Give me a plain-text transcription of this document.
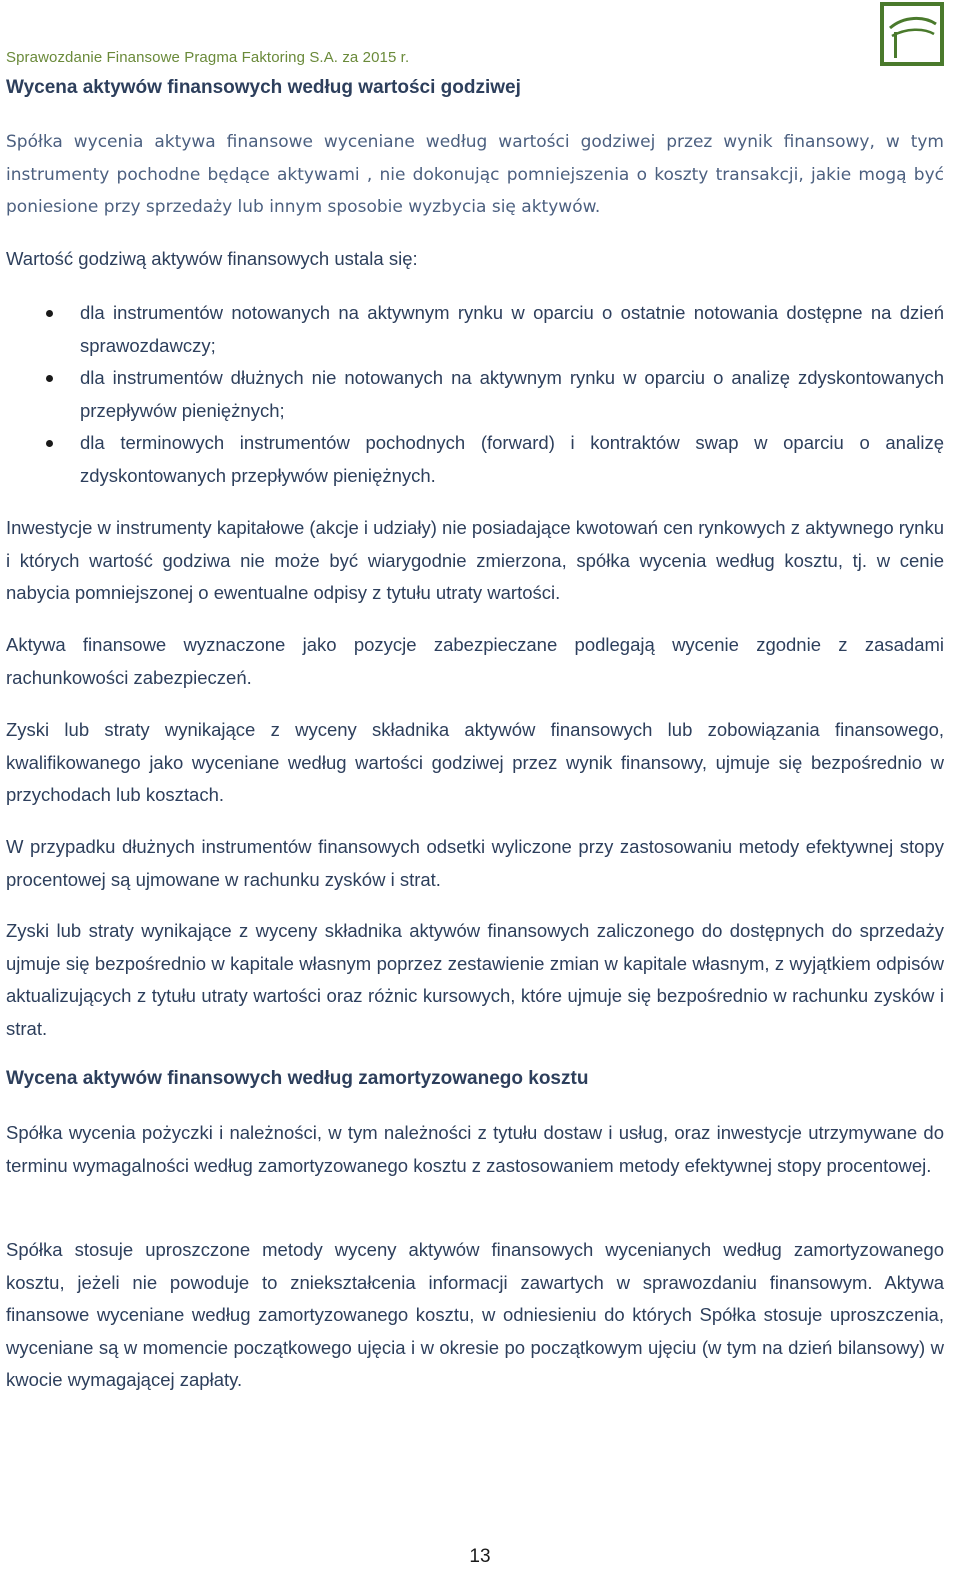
Sprawozdanie Finansowe Pragma Faktoring S.A. za 2015 r.
Wycena aktywów finansowych według wartości godziwej

Spółka wycenia aktywa finansowe wyceniane według wartości godziwej przez wynik finansowy, w tym instrumenty pochodne będące aktywami , nie dokonując pomniejszenia o koszty transakcji, jakie mogą być poniesione przy sprzedaży lub innym sposobie wyzbycia się aktywów.

Wartość godziwą aktywów finansowych ustala się:

dla instrumentów notowanych na aktywnym rynku w oparciu o ostatnie notowania dostępne na dzień sprawozdawczy;
dla instrumentów dłużnych nie notowanych na aktywnym rynku w oparciu o analizę zdyskontowanych przepływów pieniężnych;
dla terminowych instrumentów pochodnych (forward) i kontraktów swap w oparciu o analizę zdyskontowanych przepływów pieniężnych.

Inwestycje w instrumenty kapitałowe (akcje i udziały) nie posiadające kwotowań cen rynkowych z aktywnego rynku i których wartość godziwa nie może być wiarygodnie zmierzona, spółka wycenia według kosztu, tj. w cenie nabycia pomniejszonej o ewentualne odpisy z tytułu utraty wartości.

Aktywa finansowe wyznaczone jako pozycje zabezpieczane podlegają wycenie zgodnie z zasadami rachunkowości zabezpieczeń.

Zyski lub straty wynikające z wyceny składnika aktywów finansowych lub zobowiązania finansowego, kwalifikowanego jako wyceniane według wartości godziwej przez wynik finansowy, ujmuje się bezpośrednio w przychodach lub kosztach.

W przypadku dłużnych instrumentów finansowych odsetki wyliczone przy zastosowaniu metody efektywnej stopy procentowej są ujmowane w rachunku zysków i strat.

Zyski lub straty wynikające z wyceny składnika aktywów finansowych zaliczonego do dostępnych do sprzedaży ujmuje się bezpośrednio w kapitale własnym poprzez zestawienie zmian w kapitale własnym, z wyjątkiem odpisów aktualizujących z tytułu utraty wartości oraz różnic kursowych, które ujmuje się bezpośrednio w rachunku zysków i strat.

Wycena aktywów finansowych według zamortyzowanego kosztu

Spółka wycenia pożyczki i należności, w tym należności z tytułu dostaw i usług, oraz inwestycje utrzymywane do terminu wymagalności według zamortyzowanego kosztu z zastosowaniem metody efektywnej stopy procentowej.

Spółka stosuje uproszczone metody wyceny aktywów finansowych wycenianych według zamortyzowanego kosztu, jeżeli nie powoduje to zniekształcenia informacji zawartych w sprawozdaniu finansowym. Aktywa finansowe wyceniane według zamortyzowanego kosztu, w odniesieniu do których Spółka stosuje uproszczenia, wyceniane są w momencie początkowego ujęcia i w okresie po początkowym ujęciu (w tym na dzień bilansowy) w kwocie wymagającej zapłaty.

13
